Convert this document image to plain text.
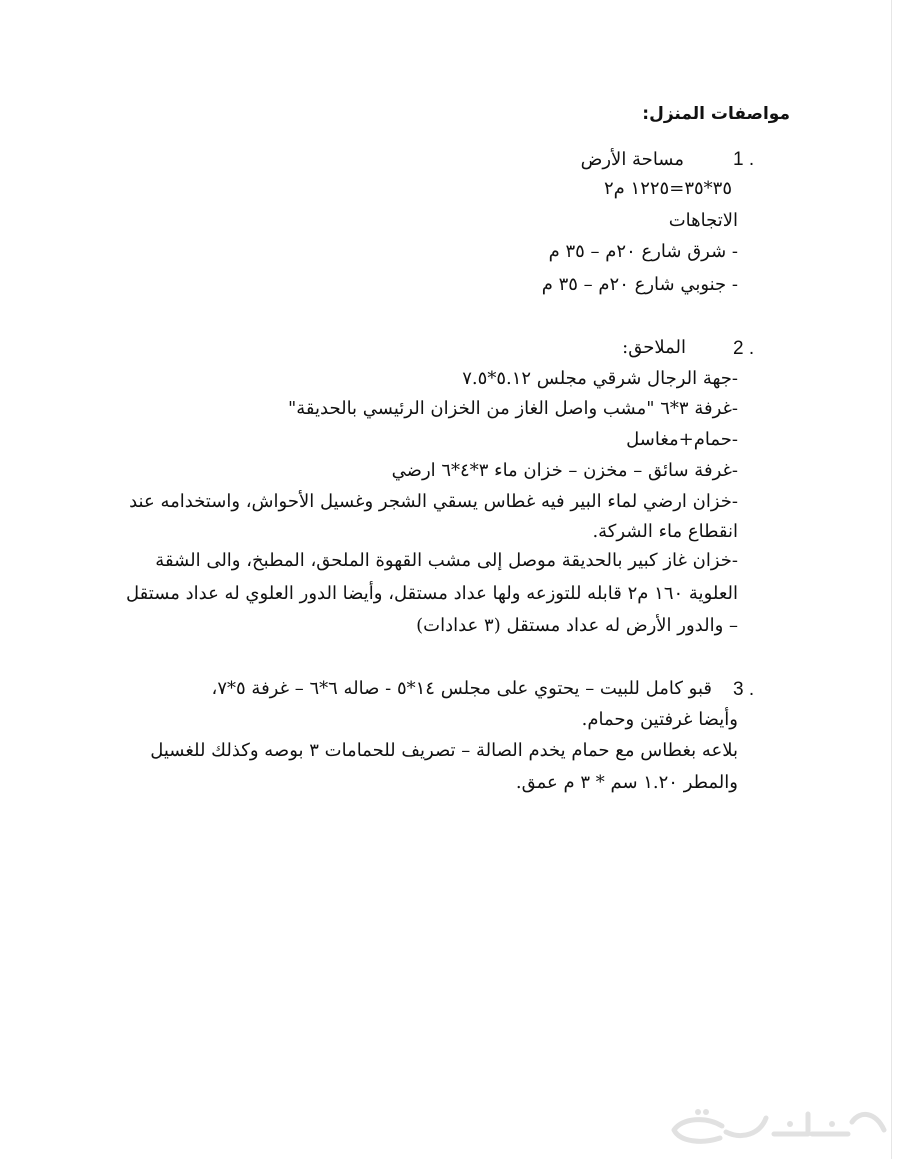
مواصفات المنزل:
1 .
مساحة الأرض
٣٥*٣٥=١٢٢٥ م٢
الاتجاهات
- شرق شارع ٢٠م – ٣٥ م
- جنوبي شارع ٢٠م – ٣٥ م
2 .
الملاحق:
-جهة الرجال شرقي مجلس ٥.١٢*٧.٥
-غرفة ٣*٦ "مشب واصل الغاز من الخزان الرئيسي بالحديقة"
-حمام+مغاسل
-غرفة سائق – مخزن – خزان ماء ٣*٤*٦ ارضي
-خزان ارضي لماء البير فيه غطاس يسقي الشجر وغسيل الأحواش، واستخدامه عند
انقطاع ماء الشركة.
-خزان غاز كبير بالحديقة موصل إلى مشب القهوة الملحق، المطبخ، والى الشقة
العلوية ١٦٠ م٢ قابله للتوزعه ولها عداد مستقل، وأيضا الدور العلوي له عداد مستقل
– والدور الأرض له عداد مستقل (٣ عدادات)
3 .
قبو كامل للبيت – يحتوي على مجلس ١٤*٥ - صاله ٦*٦ – غرفة ٥*٧،
وأيضا غرفتين وحمام.
بلاعه بغطاس مع حمام يخدم الصالة – تصريف للحمامات ٣ بوصه وكذلك للغسيل
والمطر ١.٢٠ سم * ٣ م عمق.
